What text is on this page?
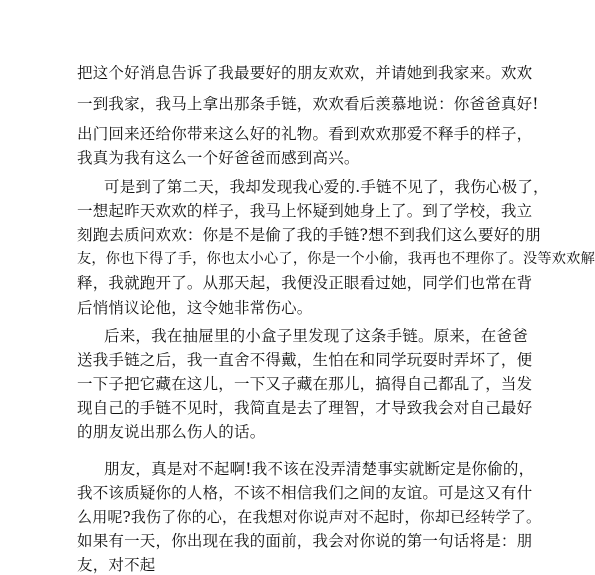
把这个好消息告诉了我最要好的朋友欢欢，并请她到我家来。欢欢
一到我家，我马上拿出那条手链，欢欢看后羡慕地说：你爸爸真好!
出门回来还给你带来这么好的礼物。看到欢欢那爱不释手的样子，
我真为我有这么一个好爸爸而感到高兴。
可是到了第二天，我却发现我心爱的.手链不见了，我伤心极了，
一想起昨天欢欢的样子，我马上怀疑到她身上了。到了学校，我立
刻跑去质问欢欢：你是不是偷了我的手链?想不到我们这么要好的朋
友，你也下得了手，你也太小心了，你是一个小偷，我再也不理你了。没等欢欢解
释，我就跑开了。从那天起，我便没正眼看过她，同学们也常在背
后悄悄议论他，这令她非常伤心。
后来，我在抽屉里的小盒子里发现了这条手链。原来，在爸爸
送我手链之后，我一直舍不得戴，生怕在和同学玩耍时弄坏了，便
一下子把它藏在这儿，一下又子藏在那儿，搞得自己都乱了，当发
现自己的手链不见时，我简直是去了理智，才导致我会对自己最好
的朋友说出那么伤人的话。
朋友，真是对不起啊!我不该在没弄清楚事实就断定是你偷的，
我不该质疑你的人格，不该不相信我们之间的友谊。可是这又有什
么用呢?我伤了你的心，在我想对你说声对不起时，你却已经转学了。
如果有一天，你出现在我的面前，我会对你说的第一句话将是：朋
友，对不起
